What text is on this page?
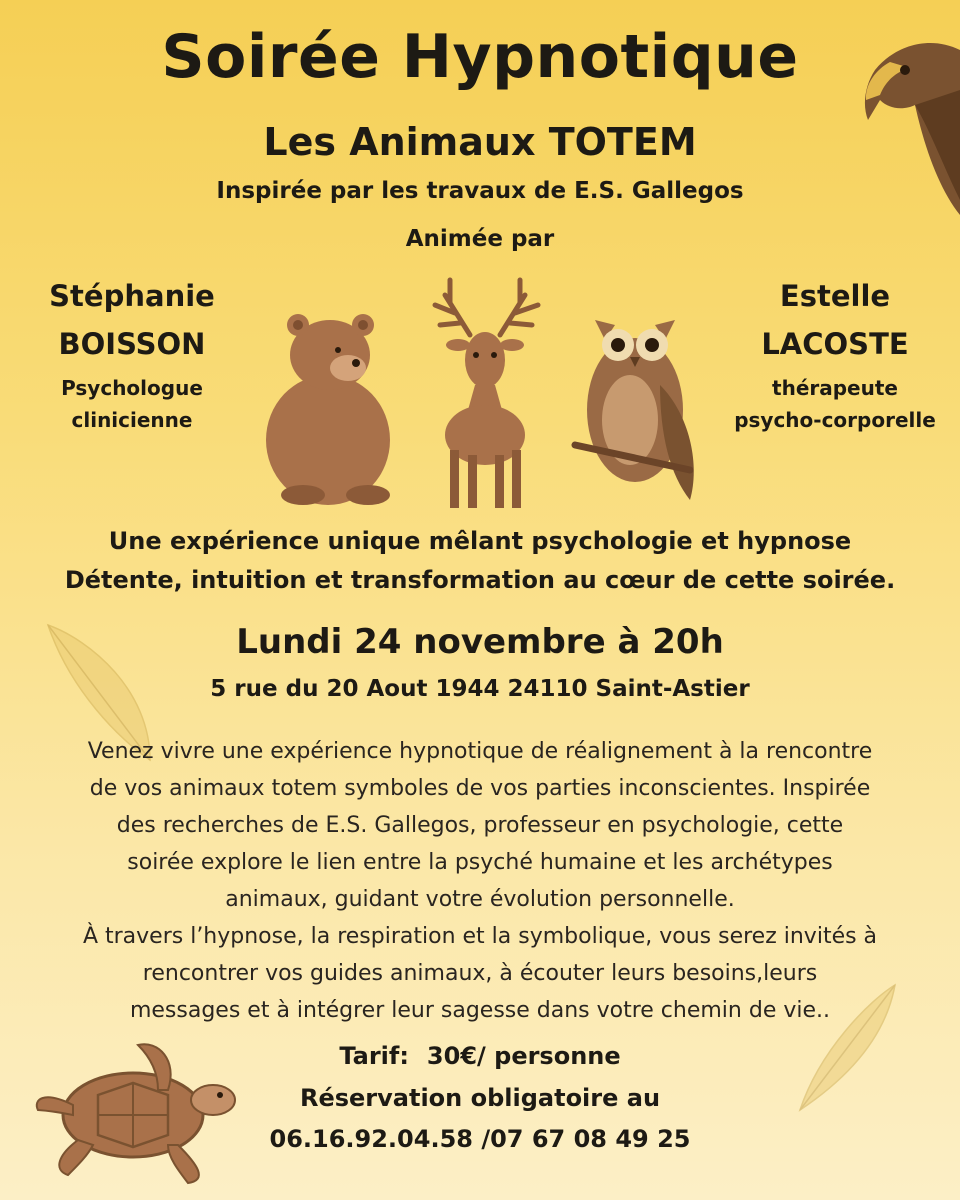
Soirée Hypnotique
Les Animaux TOTEM
Inspirée par les travaux de E.S. Gallegos
Animée par
Stéphanie
BOISSON
Psychologue
clinicienne
Estelle
LACOSTE
thérapeute
psycho-corporelle
Une expérience unique mêlant psychologie et hypnose
Détente, intuition et transformation au cœur de cette soirée.
Lundi 24 novembre à 20h
5 rue du 20 Aout 1944 24110 Saint-Astier

Venez vivre une expérience hypnotique de réalignement à la rencontre

de vos animaux totem symboles de vos parties inconscientes. Inspirée

des recherches de E.S. Gallegos, professeur en psychologie, cette

soirée explore le lien entre la psyché humaine et les archétypes

animaux, guidant votre évolution personnelle.

À travers l’hypnose, la respiration et la symbolique, vous serez invités à

rencontrer vos guides animaux, à écouter leurs besoins,leurs

messages et à intégrer leur sagesse dans votre chemin de vie..

Tarif: 30€/ personne
Réservation obligatoire au
06.16.92.04.58 /07 67 08 49 25
